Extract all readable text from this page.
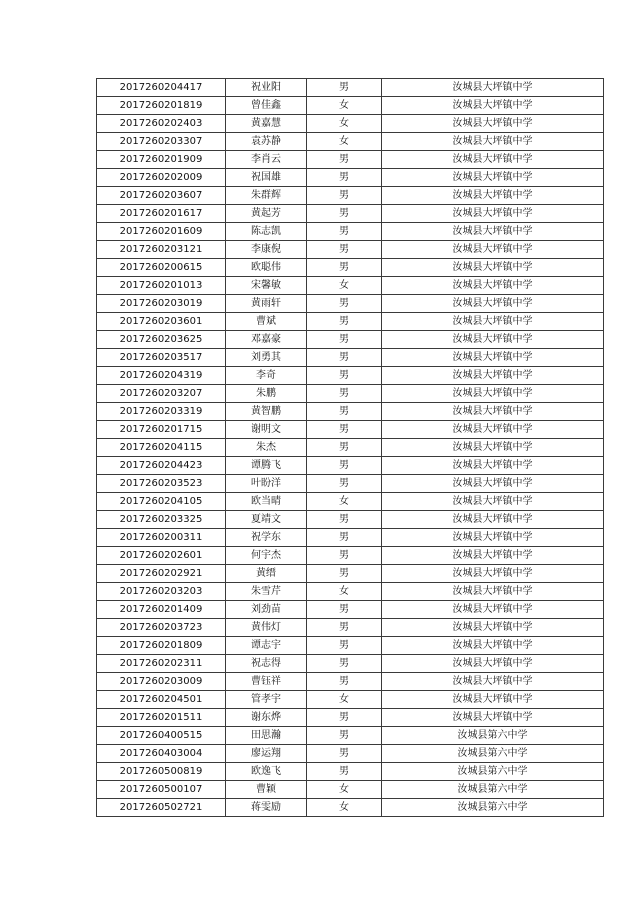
2017260204417	祝业阳	男	汝城县大坪镇中学
2017260201819	曾佳鑫	女	汝城县大坪镇中学
2017260202403	黄嘉慧	女	汝城县大坪镇中学
2017260203307	袁苏静	女	汝城县大坪镇中学
2017260201909	李肖云	男	汝城县大坪镇中学
2017260202009	祝国雄	男	汝城县大坪镇中学
2017260203607	朱群辉	男	汝城县大坪镇中学
2017260201617	黄起芳	男	汝城县大坪镇中学
2017260201609	陈志凯	男	汝城县大坪镇中学
2017260203121	李康倪	男	汝城县大坪镇中学
2017260200615	欧聪伟	男	汝城县大坪镇中学
2017260201013	宋馨敏	女	汝城县大坪镇中学
2017260203019	黄雨轩	男	汝城县大坪镇中学
2017260203601	曹斌	男	汝城县大坪镇中学
2017260203625	邓嘉豪	男	汝城县大坪镇中学
2017260203517	刘勇其	男	汝城县大坪镇中学
2017260204319	李奇	男	汝城县大坪镇中学
2017260203207	朱鹏	男	汝城县大坪镇中学
2017260203319	黄智鹏	男	汝城县大坪镇中学
2017260201715	谢明文	男	汝城县大坪镇中学
2017260204115	朱杰	男	汝城县大坪镇中学
2017260204423	谭腾飞	男	汝城县大坪镇中学
2017260203523	叶盼洋	男	汝城县大坪镇中学
2017260204105	欧当晴	女	汝城县大坪镇中学
2017260203325	夏靖文	男	汝城县大坪镇中学
2017260200311	祝学东	男	汝城县大坪镇中学
2017260202601	何宇杰	男	汝城县大坪镇中学
2017260202921	黄缙	男	汝城县大坪镇中学
2017260203203	朱雪芹	女	汝城县大坪镇中学
2017260201409	刘劲苗	男	汝城县大坪镇中学
2017260203723	黄伟灯	男	汝城县大坪镇中学
2017260201809	谭志宇	男	汝城县大坪镇中学
2017260202311	祝志得	男	汝城县大坪镇中学
2017260203009	曹钰祥	男	汝城县大坪镇中学
2017260204501	管孝宇	女	汝城县大坪镇中学
2017260201511	谢东烨	男	汝城县大坪镇中学
2017260400515	田思瀚	男	汝城县第六中学
2017260403004	廖运翔	男	汝城县第六中学
2017260500819	欧逸飞	男	汝城县第六中学
2017260500107	曹颖	女	汝城县第六中学
2017260502721	蒋雯励	女	汝城县第六中学
